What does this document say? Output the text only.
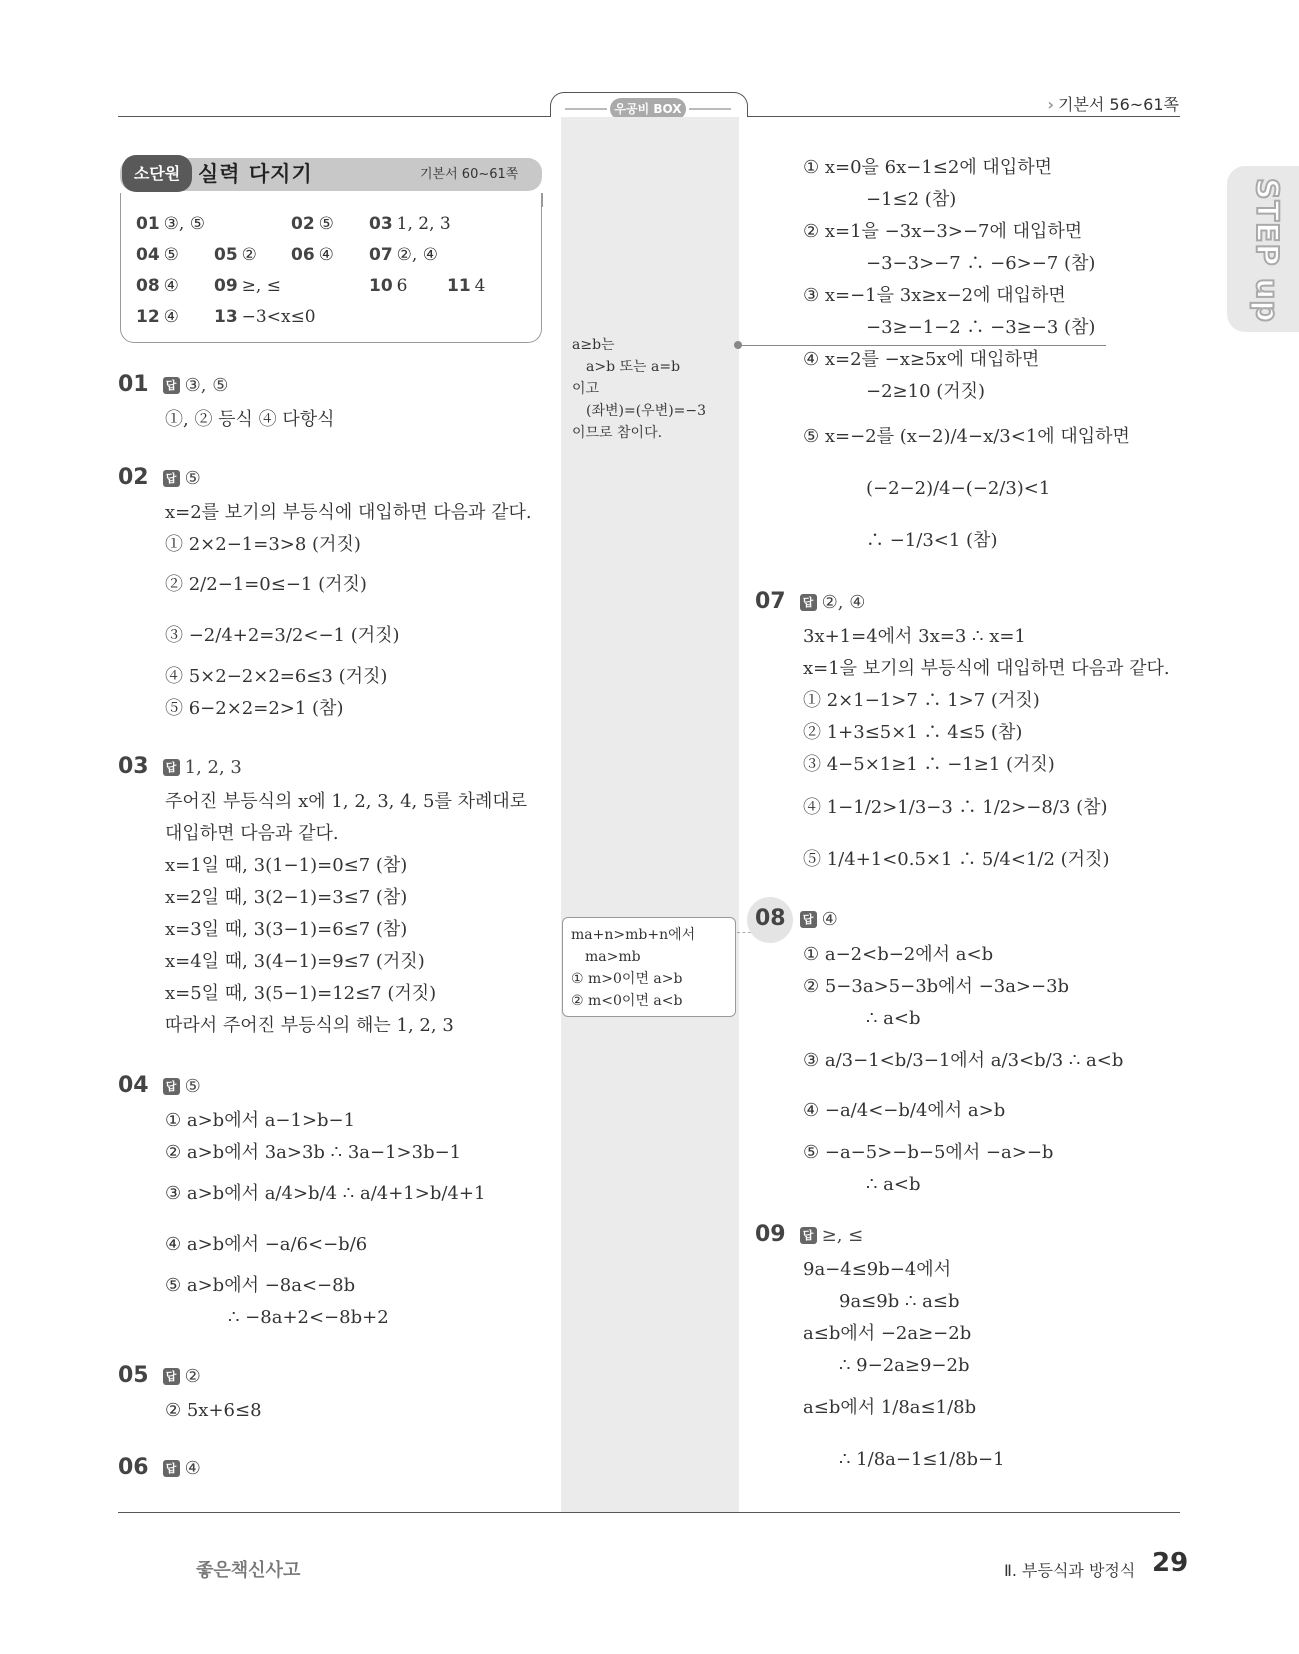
› 기본서 56~61쪽
우공비 BOX
a≥b는
a>b 또는 a=b
이고
(좌변)=(우변)=−3
이므로 참이다.
ma+n>mb+n에서
ma>mb
① m>0이면 a>b
② m<0이면 a<b
STEP up
소단원 실력 다지기	기본서 60~61쪽
01 ③, ⑤	02 ⑤ 03 1, 2, 3
04 ⑤ 05 ② 06 ④ 07 ②, ④
08 ④ 09 ≥, ≤	10 6 11 4
12 ④ 13 −3<x≤0
01 답 ③, ⑤
①, ② 등식 ④ 다항식
02 답 ⑤
x=2를 보기의 부등식에 대입하면 다음과 같다.
① 2×2−1=3>8 (거짓)
② 2/2−1=0≤−1 (거짓)
③ −2/4+2=3/2<−1 (거짓)
④ 5×2−2×2=6≤3 (거짓)
⑤ 6−2×2=2>1 (참)
03 답 1, 2, 3
주어진 부등식의 x에 1, 2, 3, 4, 5를 차례대로
대입하면 다음과 같다.
x=1일 때, 3(1−1)=0≤7 (참)
x=2일 때, 3(2−1)=3≤7 (참)
x=3일 때, 3(3−1)=6≤7 (참)
x=4일 때, 3(4−1)=9≤7 (거짓)
x=5일 때, 3(5−1)=12≤7 (거짓)
따라서 주어진 부등식의 해는 1, 2, 3
04 답 ⑤
① a>b에서 a−1>b−1
② a>b에서 3a>3b ∴ 3a−1>3b−1
③ a>b에서 a/4>b/4 ∴ a/4+1>b/4+1
④ a>b에서 −a/6<−b/6
⑤ a>b에서 −8a<−8b
∴ −8a+2<−8b+2
05 답 ②
② 5x+6≤8
06 답 ④
① x=0을 6x−1≤2에 대입하면
−1≤2 (참)
② x=1을 −3x−3>−7에 대입하면
−3−3>−7 ∴ −6>−7 (참)
③ x=−1을 3x≥x−2에 대입하면
−3≥−1−2 ∴ −3≥−3 (참)
④ x=2를 −x≥5x에 대입하면
−2≥10 (거짓)
⑤ x=−2를 (x−2)/4−x/3<1에 대입하면
(−2−2)/4−(−2/3)<1
∴ −1/3<1 (참)
07 답 ②, ④
3x+1=4에서 3x=3 ∴ x=1
x=1을 보기의 부등식에 대입하면 다음과 같다.
① 2×1−1>7 ∴ 1>7 (거짓)
② 1+3≤5×1 ∴ 4≤5 (참)
③ 4−5×1≥1 ∴ −1≥1 (거짓)
④ 1−1/2>1/3−3 ∴ 1/2>−8/3 (참)
⑤ 1/4+1<0.5×1 ∴ 5/4<1/2 (거짓)
08 답 ④
① a−2<b−2에서 a<b
② 5−3a>5−3b에서 −3a>−3b
∴ a<b
③ a/3−1<b/3−1에서 a/3<b/3 ∴ a<b
④ −a/4<−b/4에서 a>b
⑤ −a−5>−b−5에서 −a>−b
∴ a<b
09 답 ≥, ≤
9a−4≤9b−4에서
9a≤9b ∴ a≤b
a≤b에서 −2a≥−2b
∴ 9−2a≥9−2b
a≤b에서 1/8a≤1/8b
∴ 1/8a−1≤1/8b−1
좋은책신사고	Ⅱ. 부등식과 방정식 29
